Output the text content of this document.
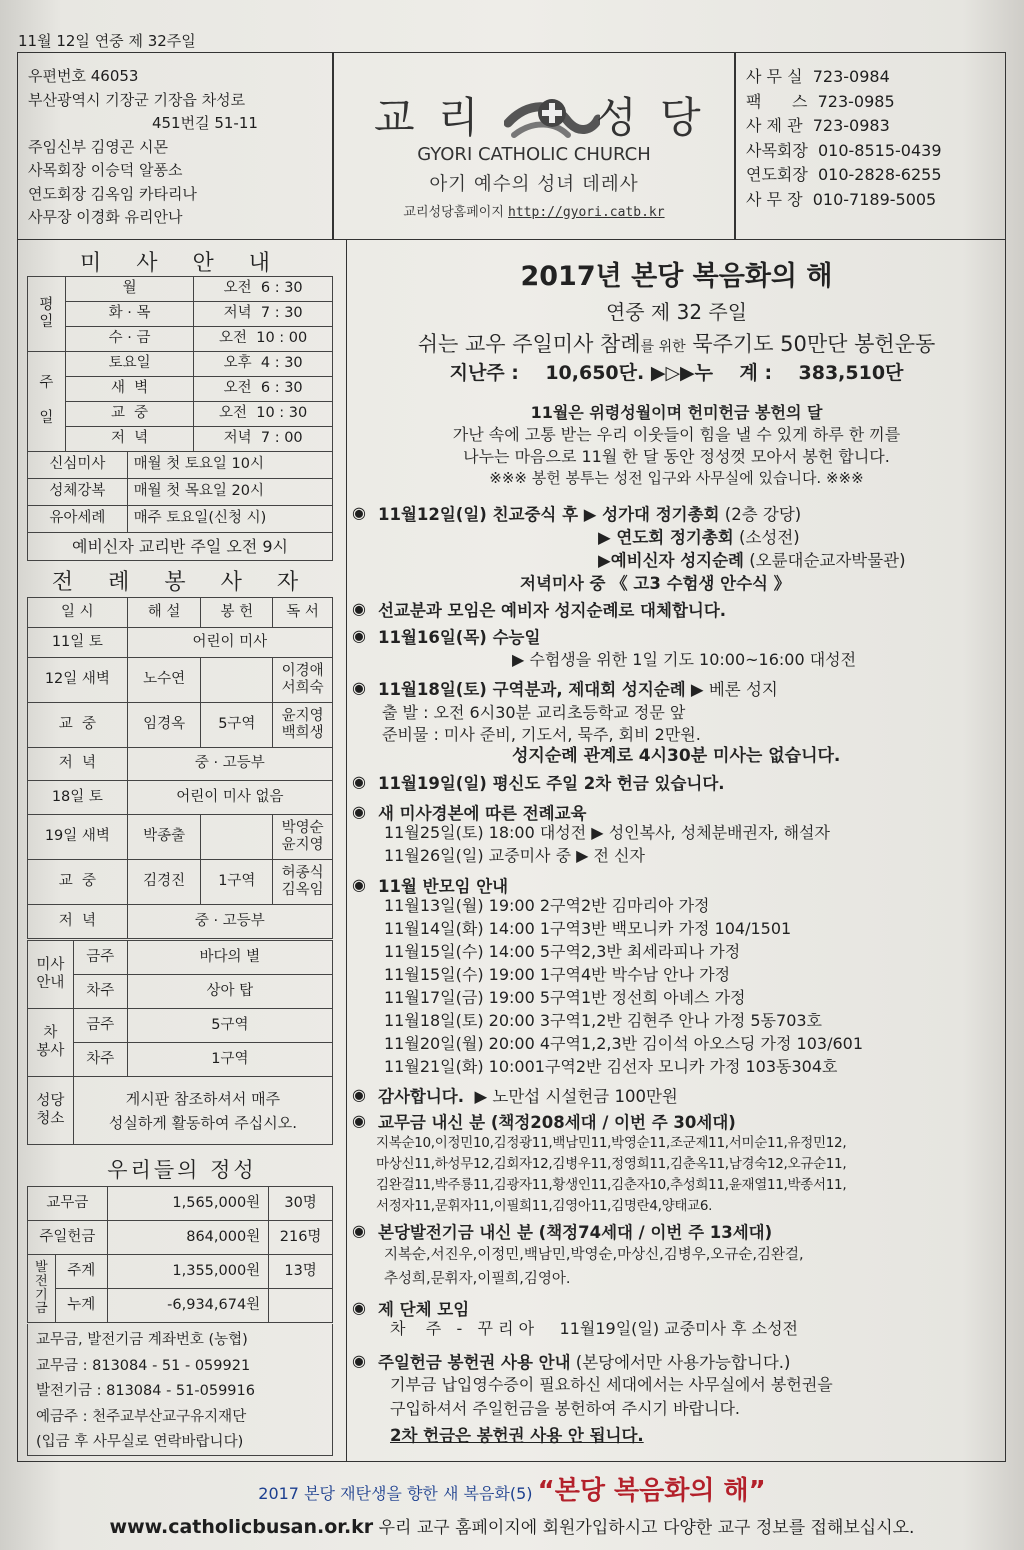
11월 12일 연중 제 32주일
우편번호 46053
부산광역시 기장군 기장읍 차성로
451번길 51-11
주임신부 김영곤 시몬
사목회장 이승덕 알퐁소
연도회장 김옥임 카타리나
사무장 이경화 유리안나
교 리	성 당
GYORI CATHOLIC CHURCH
아기 예수의 성녀 데레사
교리성당홈페이지 http://gyori.catb.kr
사 무 실  723-0984
팩      스  723-0985
사 제 관  723-0983
사목회장  010-8515-0439
연도회장  010-2828-6255
사 무 장  010-7189-5005
미 사 안 내
평
일	월	오전  6 : 30
	화 · 목	저녁  7 : 30
	수 · 금	오전  10 : 00
주

일	토요일	오후  4 : 30
	새  벽	오전  6 : 30
	교  중	오전  10 : 30
	저  녁	저녁  7 : 00
신심미사	매월 첫 토요일 10시
성체강복	매월 첫 목요일 20시
유아세례	매주 토요일(신청 시)
예비신자 교리반 주일 오전 9시	
전 례 봉 사 자
일 시	해 설	봉 헌	독 서
11일 토	어린이 미사		
12일 새벽	노수연		이경애
서희숙
교  중	임경옥	5구역	윤지영
백희생
저  녁	중 · 고등부		
18일 토	어린이 미사 없음		
19일 새벽	박종출		박영순
윤지영
교  중	김경진	1구역	허종식
김옥임
저  녁	중 · 고등부		
미사
안내	금주	바다의 별
	차주	상아 탑
차
봉사	금주	5구역
	차주	1구역
성당
청소	게시판 참조하셔서 매주
성실하게 활동하여 주십시오.	
우리들의 정성
교무금		1,565,000원	30명
주일헌금		864,000원	216명
발
전
기
금	주계	1,355,000원	13명
	누계	-6,934,674원	
교무금, 발전기금 계좌번호 (농협)
교무금 : 813084 - 51 - 059921
발전기금 : 813084 - 51-059916
예금주 : 천주교부산교구유지재단
(입금 후 사무실로 연락바랍니다)
2017년 본당 복음화의 해
연중 제 32 주일
쉬는 교우 주일미사 참례를 위한 묵주기도 50만단 봉헌운동
지난주 :    10,650단. ▶▷▶누    계 :    383,510단
11월은 위령성월이며 헌미헌금 봉헌의 달
가난 속에 고통 받는 우리 이웃들이 힘을 낼 수 있게 하루 한 끼를
나누는 마음으로 11월 한 달 동안 정성껏 모아서 봉헌 합니다.
※※※ 봉헌 봉투는 성전 입구와 사무실에 있습니다. ※※※
◉ 11월12일(일) 친교중식 후 ▶ 성가대 정기총회 (2층 강당)
▶ 연도회 정기총회 (소성전)
▶예비신자 성지순례 (오륜대순교자박물관)
저녁미사 중 《 고3 수험생 안수식 》
◉ 선교분과 모임은 예비자 성지순례로 대체합니다.
◉ 11월16일(목) 수능일
▶ 수험생을 위한 1일 기도 10:00~16:00 대성전
◉ 11월18일(토) 구역분과, 제대회 성지순례 ▶ 베론 성지
출 발 : 오전 6시30분 교리초등학교 정문 앞
준비물 : 미사 준비, 기도서, 묵주, 회비 2만원.
성지순례 관계로 4시30분 미사는 없습니다.
◉ 11월19일(일) 평신도 주일 2차 헌금 있습니다.
◉ 새 미사경본에 따른 전례교육
11월25일(토) 18:00 대성전 ▶ 성인복사, 성체분배권자, 해설자
11월26일(일) 교중미사 중 ▶ 전 신자
◉ 11월 반모임 안내
11월13일(월) 19:00 2구역2반 김마리아 가정
11월14일(화) 14:00 1구역3반 백모니카 가정 104/1501
11월15일(수) 14:00 5구역2,3반 최세라피나 가정
11월15일(수) 19:00 1구역4반 박수남 안나 가정
11월17일(금) 19:00 5구역1반 정선희 아녜스 가정
11월18일(토) 20:00 3구역1,2반 김현주 안나 가정 5동703호
11월20일(월) 20:00 4구역1,2,3반 김이석 아오스딩 가정 103/601
11월21일(화) 10:001구역2반 김선자 모니카 가정 103동304호
◉ 감사합니다.  ▶ 노만섭 시설헌금 100만원
◉ 교무금 내신 분 (책정208세대 / 이번 주 30세대)
지복순10,이정민10,김정광11,백남민11,박영순11,조군제11,서미순11,유정민12,
마상신11,하성무12,김회자12,김병우11,정영희11,김춘옥11,남경숙12,오규순11,
김완걸11,박주룡11,김광자11,황생인11,김춘자10,추성희11,윤재열11,박종서11,
서정자11,문휘자11,이필희11,김영아11,김명란4,양태교6.
◉ 본당발전기금 내신 분 (책정74세대 / 이번 주 13세대)
지복순,서진우,이정민,백남민,박영순,마상신,김병우,오규순,김완걸,
추성희,문휘자,이필희,김영아.
◉ 제 단체 모임
차    주   -   꾸 리 아     11월19일(일) 교중미사 후 소성전
◉ 주일헌금 봉헌권 사용 안내 (본당에서만 사용가능합니다.)
기부금 납입영수증이 필요하신 세대에서는 사무실에서 봉헌권을
구입하셔서 주일헌금을 봉헌하여 주시기 바랍니다.
2차 헌금은 봉헌권 사용 안 됩니다.
2017 본당 재탄생을 향한 새 복음화(5) “본당 복음화의 해”
www.catholicbusan.or.kr 우리 교구 홈페이지에 회원가입하시고 다양한 교구 정보를 접해보십시오.
